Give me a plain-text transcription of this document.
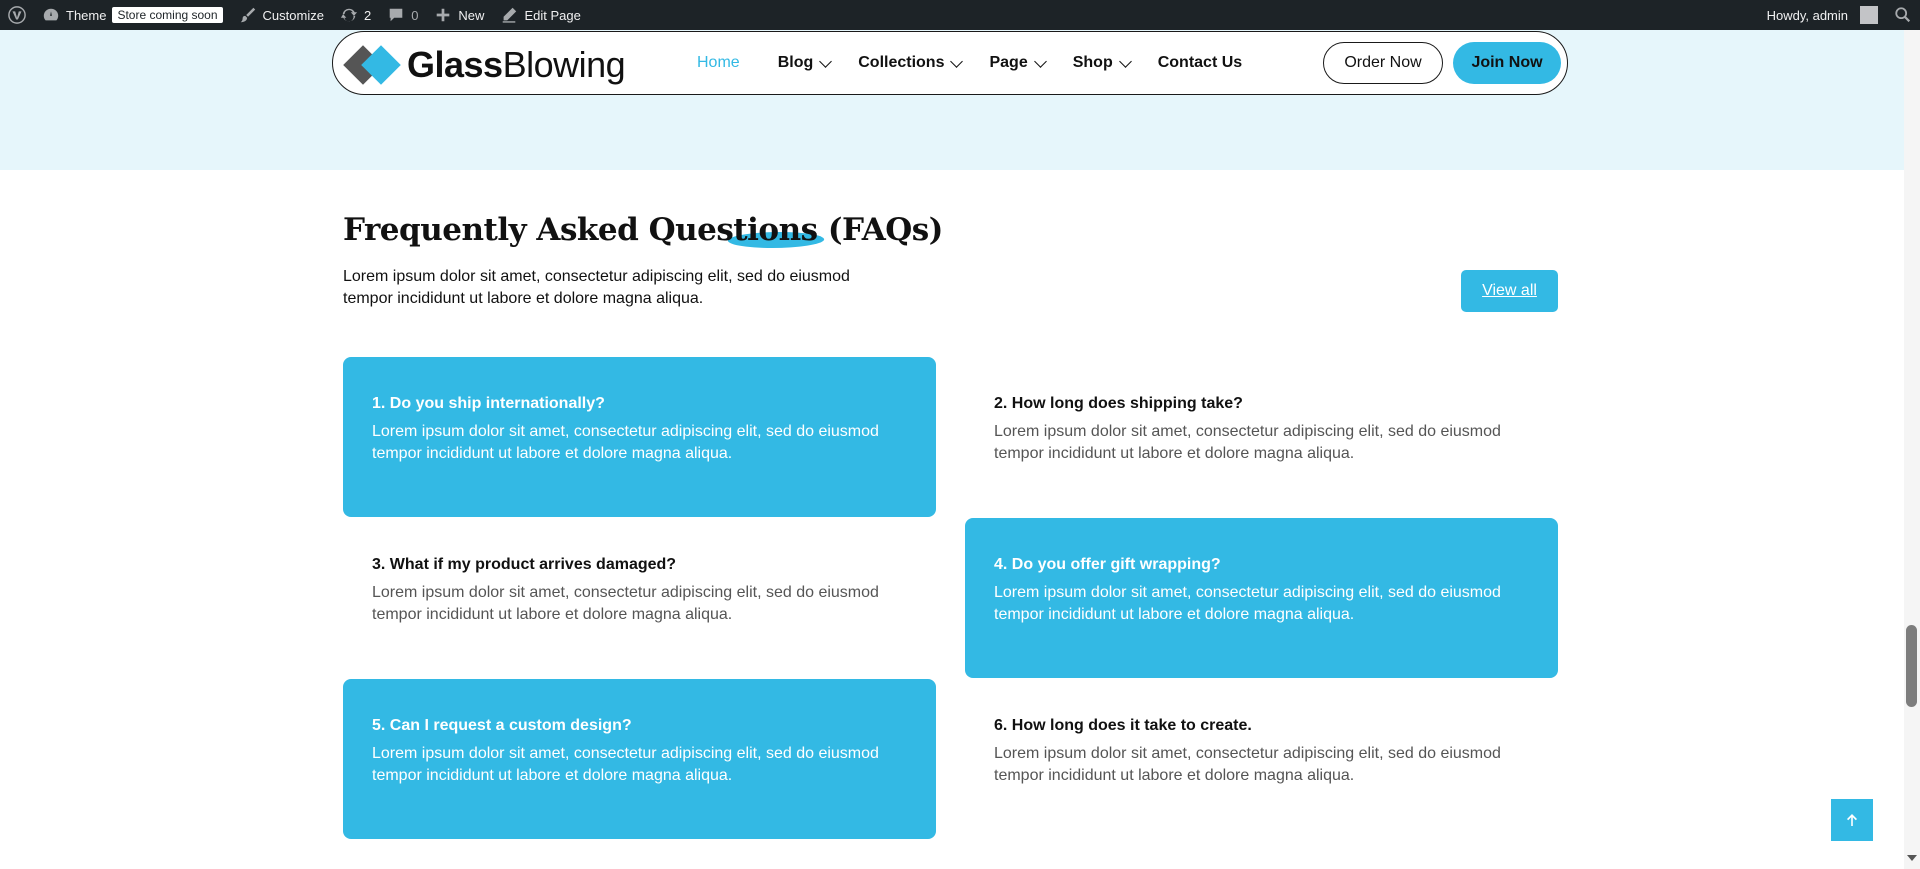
Theme Store coming soon	Customize	2	0	New	Edit Page	Howdy, admin
GlassBlowing	Home Blog	Collections	Page	Shop	Contact Us	Order Now	Join Now
Frequently Asked Questions (FAQs)

Lorem ipsum dolor sit amet, consectetur adipiscing elit, sed do eiusmod tempor incididunt ut labore et dolore magna aliqua.	View all
1. Do you ship internationally?
Lorem ipsum dolor sit amet, consectetur adipiscing elit, sed do eiusmod tempor incididunt ut labore et dolore magna aliqua.
2. How long does shipping take?
Lorem ipsum dolor sit amet, consectetur adipiscing elit, sed do eiusmod tempor incididunt ut labore et dolore magna aliqua.
3. What if my product arrives damaged?
Lorem ipsum dolor sit amet, consectetur adipiscing elit, sed do eiusmod tempor incididunt ut labore et dolore magna aliqua.
4. Do you offer gift wrapping?
Lorem ipsum dolor sit amet, consectetur adipiscing elit, sed do eiusmod tempor incididunt ut labore et dolore magna aliqua.
5. Can I request a custom design?
Lorem ipsum dolor sit amet, consectetur adipiscing elit, sed do eiusmod tempor incididunt ut labore et dolore magna aliqua.
6. How long does it take to create.
Lorem ipsum dolor sit amet, consectetur adipiscing elit, sed do eiusmod tempor incididunt ut labore et dolore magna aliqua.
